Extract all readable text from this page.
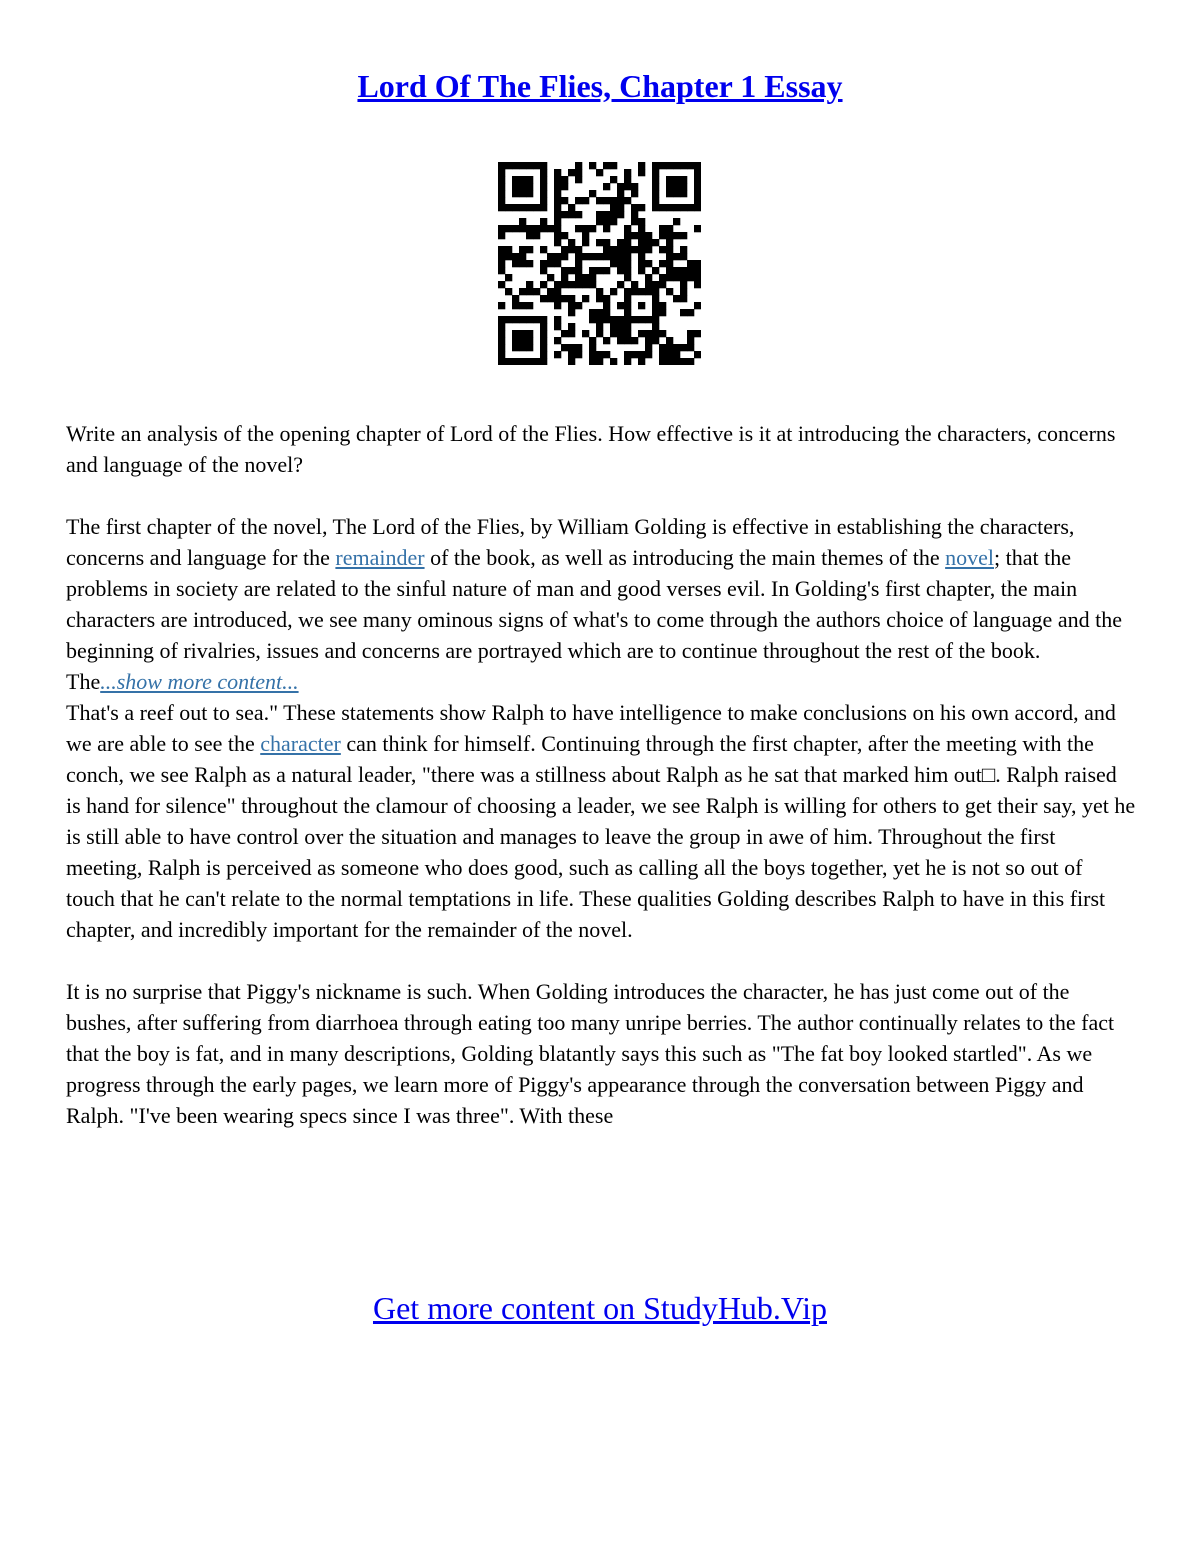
Lord Of The Flies, Chapter 1 Essay

Write an analysis of the opening chapter of Lord of the Flies. How effective is it at introducing the characters, concerns and language of the novel?

The first chapter of the novel, The Lord of the Flies, by William Golding is effective in establishing the characters, concerns and language for the remainder of the book, as well as introducing the main themes of the novel; that the problems in society are related to the sinful nature of man and good verses evil. In Golding's first chapter, the main characters are introduced, we see many ominous signs of what's to come through the authors choice of language and the beginning of rivalries, issues and concerns are portrayed which are to continue throughout the rest of the book. The...show more content...

That's a reef out to sea." These statements show Ralph to have intelligence to make conclusions on his own accord, and we are able to see the character can think for himself. Continuing through the first chapter, after the meeting with the conch, we see Ralph as a natural leader, "there was a stillness about Ralph as he sat that marked him out□. Ralph raised is hand for silence" throughout the clamour of choosing a leader, we see Ralph is willing for others to get their say, yet he is still able to have control over the situation and manages to leave the group in awe of him. Throughout the first meeting, Ralph is perceived as someone who does good, such as calling all the boys together, yet he is not so out of touch that he can't relate to the normal temptations in life. These qualities Golding describes Ralph to have in this first chapter, and incredibly important for the remainder of the novel.

It is no surprise that Piggy's nickname is such. When Golding introduces the character, he has just come out of the bushes, after suffering from diarrhoea through eating too many unripe berries. The author continually relates to the fact that the boy is fat, and in many descriptions, Golding blatantly says this such as "The fat boy looked startled". As we progress through the early pages, we learn more of Piggy's appearance through the conversation between Piggy and Ralph. "I've been wearing specs since I was three". With these

Get more content on StudyHub.Vip
